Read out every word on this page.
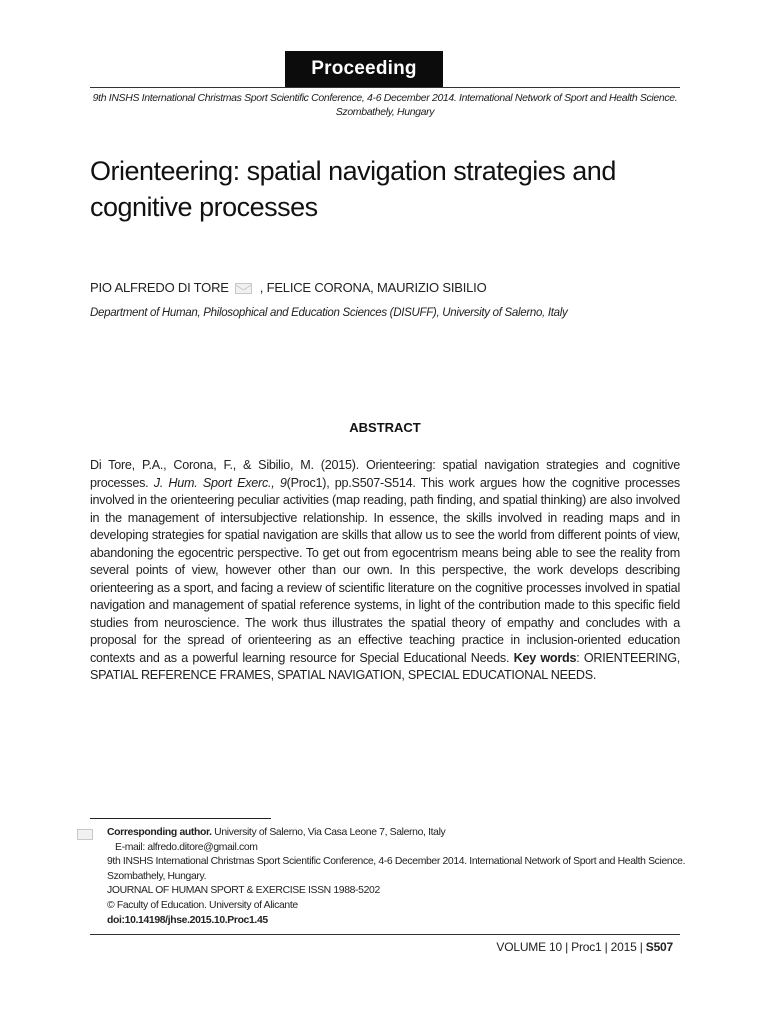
Proceeding
9th INSHS International Christmas Sport Scientific Conference, 4-6 December 2014. International Network of Sport and Health Science. Szombathely, Hungary
Orienteering: spatial navigation strategies and cognitive processes
PIO ALFREDO DI TORE , FELICE CORONA, MAURIZIO SIBILIO
Department of Human, Philosophical and Education Sciences (DISUFF), University of Salerno, Italy
ABSTRACT

Di Tore, P.A., Corona, F., & Sibilio, M. (2015). Orienteering: spatial navigation strategies and cognitive processes. J. Hum. Sport Exerc., 9(Proc1), pp.S507-S514. This work argues how the cognitive processes involved in the orienteering peculiar activities (map reading, path finding, and spatial thinking) are also involved in the management of intersubjective relationship. In essence, the skills involved in reading maps and in developing strategies for spatial navigation are skills that allow us to see the world from different points of view, abandoning the egocentric perspective. To get out from egocentrism means being able to see the reality from several points of view, however other than our own. In this perspective, the work develops describing orienteering as a sport, and facing a review of scientific literature on the cognitive processes involved in spatial navigation and management of spatial reference systems, in light of the contribution made to this specific field studies from neuroscience. The work thus illustrates the spatial theory of empathy and concludes with a proposal for the spread of orienteering as an effective teaching practice in inclusion-oriented education contexts and as a powerful learning resource for Special Educational Needs. Key words: ORIENTEERING, SPATIAL REFERENCE FRAMES, SPATIAL NAVIGATION, SPECIAL EDUCATIONAL NEEDS.

Corresponding author. University of Salerno, Via Casa Leone 7, Salerno, Italy
E-mail: alfredo.ditore@gmail.com
9th INSHS International Christmas Sport Scientific Conference, 4-6 December 2014. International Network of Sport and Health Science. Szombathely, Hungary.
JOURNAL OF HUMAN SPORT & EXERCISE ISSN 1988-5202
© Faculty of Education. University of Alicante
doi:10.14198/jhse.2015.10.Proc1.45
VOLUME 10 | Proc1 | 2015 | S507
